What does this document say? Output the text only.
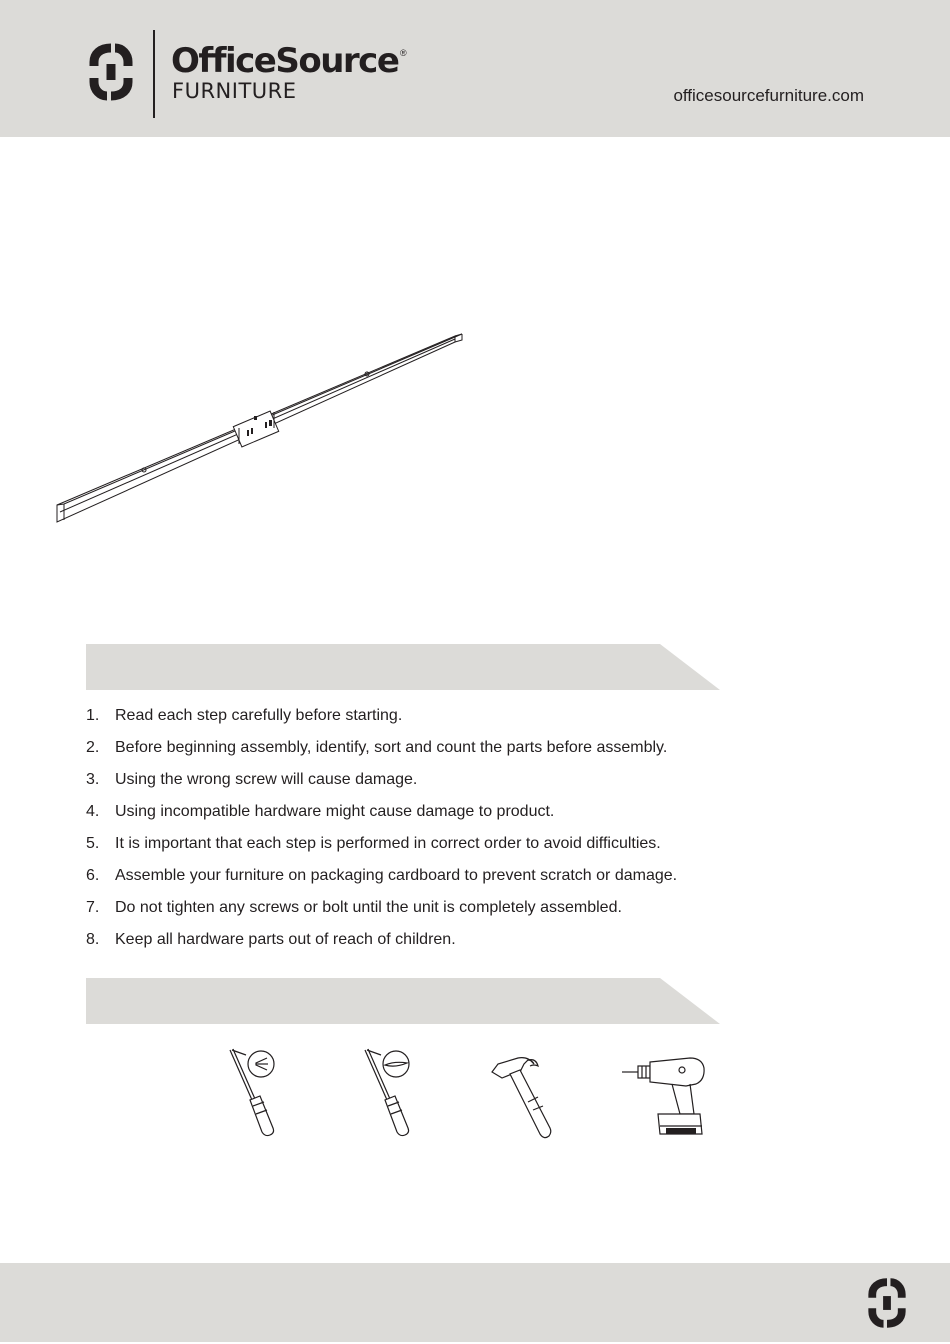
OfficeSource ®
FURNITURE	officesourcefurniture.com
1. Read each step carefully before starting.
2. Before beginning assembly, identify, sort and count the parts before assembly.
3. Using the wrong screw will cause damage.
4. Using incompatible hardware might cause damage to product.
5. It is important that each step is performed in correct order to avoid difficulties.
6. Assemble your furniture on packaging cardboard to prevent scratch or damage.
7. Do not tighten any screws or bolt until the unit is completely assembled.
8. Keep all hardware parts out of reach of children.
